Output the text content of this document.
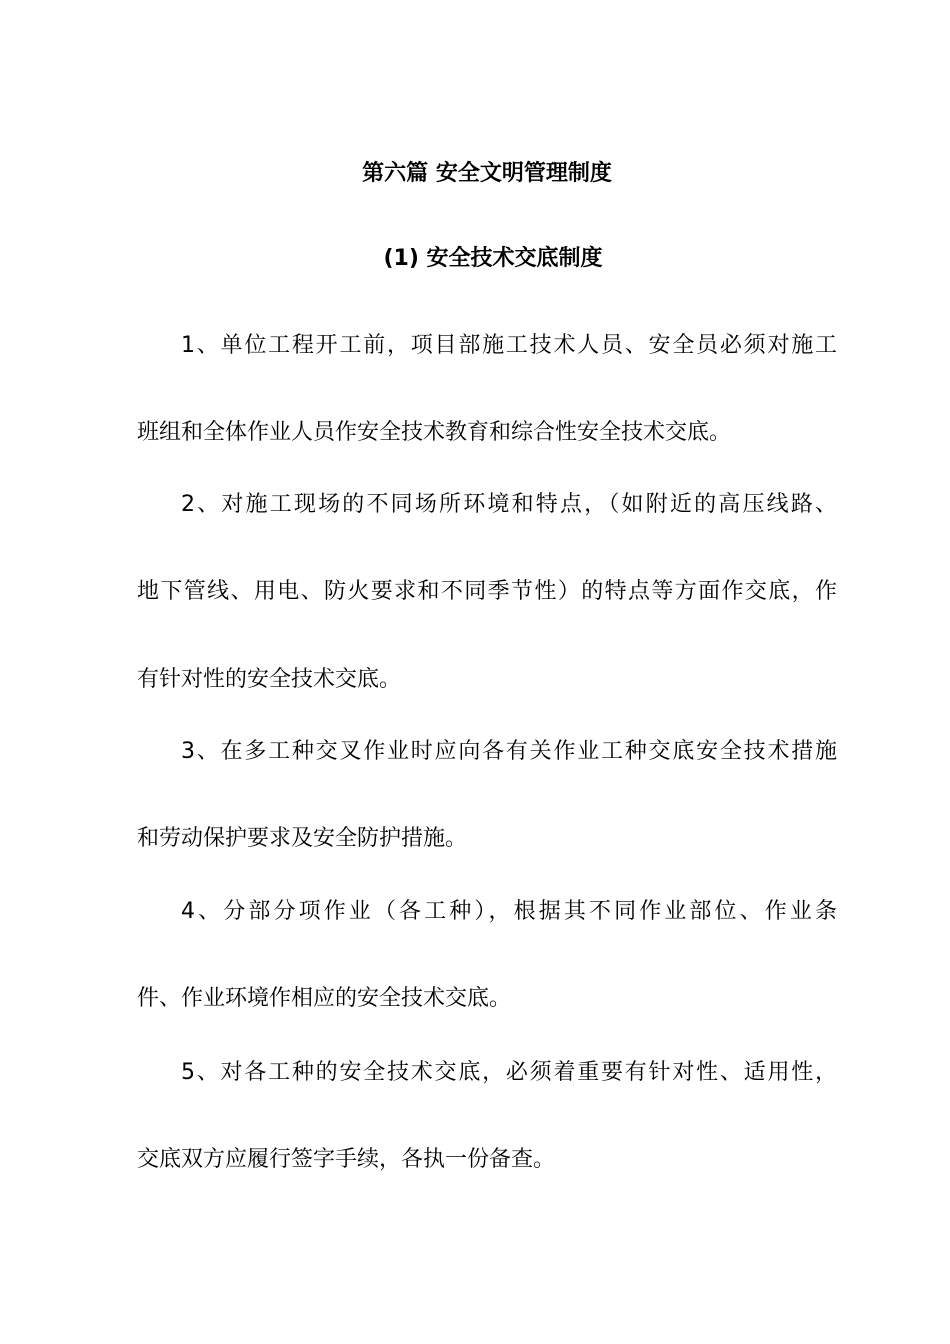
第六篇 安全文明管理制度
(1) 安全技术交底制度
1、单位工程开工前，项目部施工技术人员、安全员必须对施工
班组和全体作业人员作安全技术教育和综合性安全技术交底。
2、对施工现场的不同场所环境和特点，（如附近的高压线路、
地下管线、用电、防火要求和不同季节性）的特点等方面作交底，作
有针对性的安全技术交底。
3、在多工种交叉作业时应向各有关作业工种交底安全技术措施
和劳动保护要求及安全防护措施。
4、分部分项作业（各工种），根据其不同作业部位、作业条
件、作业环境作相应的安全技术交底。
5、对各工种的安全技术交底，必须着重要有针对性、适用性，
交底双方应履行签字手续，各执一份备查。
